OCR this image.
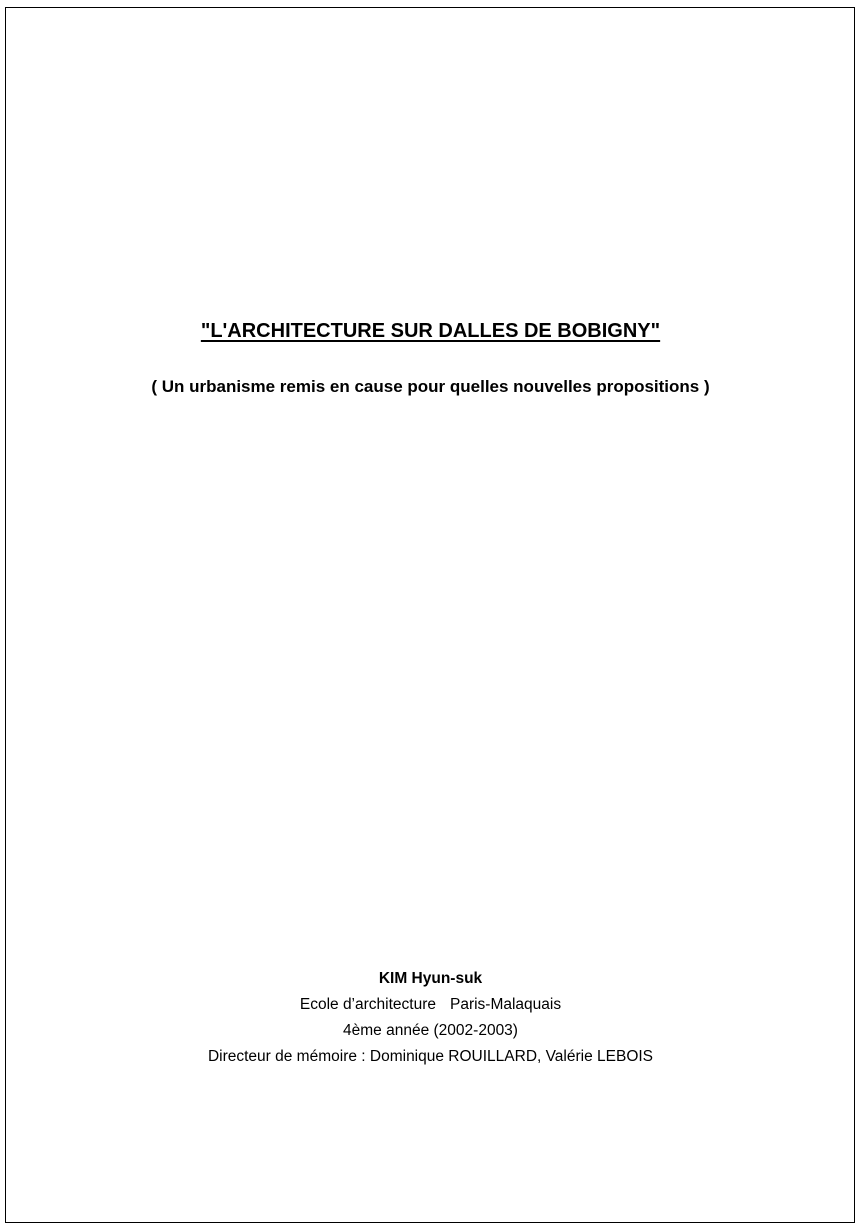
"L'ARCHITECTURE SUR DALLES DE BOBIGNY"

( Un urbanisme remis en cause pour quelles nouvelles propositions )

KIM Hyun-suk
Ecole d’architecture Paris-Malaquais
4ème année (2002-2003)
Directeur de mémoire : Dominique ROUILLARD, Valérie LEBOIS
